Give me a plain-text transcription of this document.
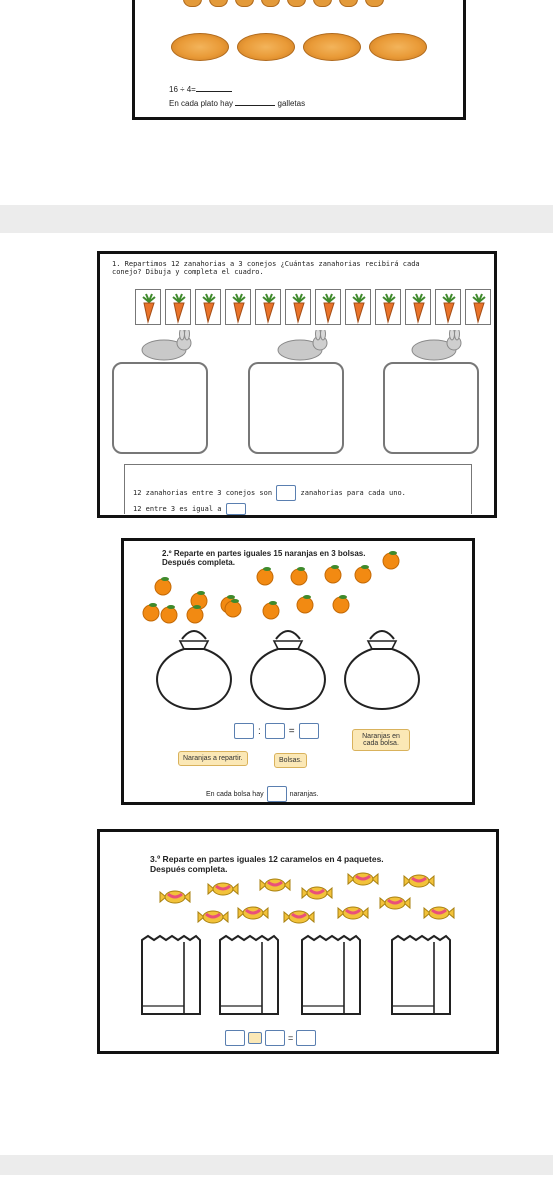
16 ÷ 4=
En cada plato hay	galletas
1. Repartimos 12 zanahorias a 3 conejos ¿Cuántas zanahorias recibirá cada
conejo? Dibuja y completa el cuadro.
12 zanahorias entre 3 conejos son	zanahorias para cada uno.
12 entre 3 es igual a
2.º Reparte en partes iguales 15 naranjas en 3 bolsas.
Después completa.
:	=
Naranjas a repartir.	Bolsas.
Naranjas en cada bolsa.
En cada bolsa hay	naranjas.
3.º Reparte en partes iguales 12 caramelos en 4 paquetes.
Después completa.
=
